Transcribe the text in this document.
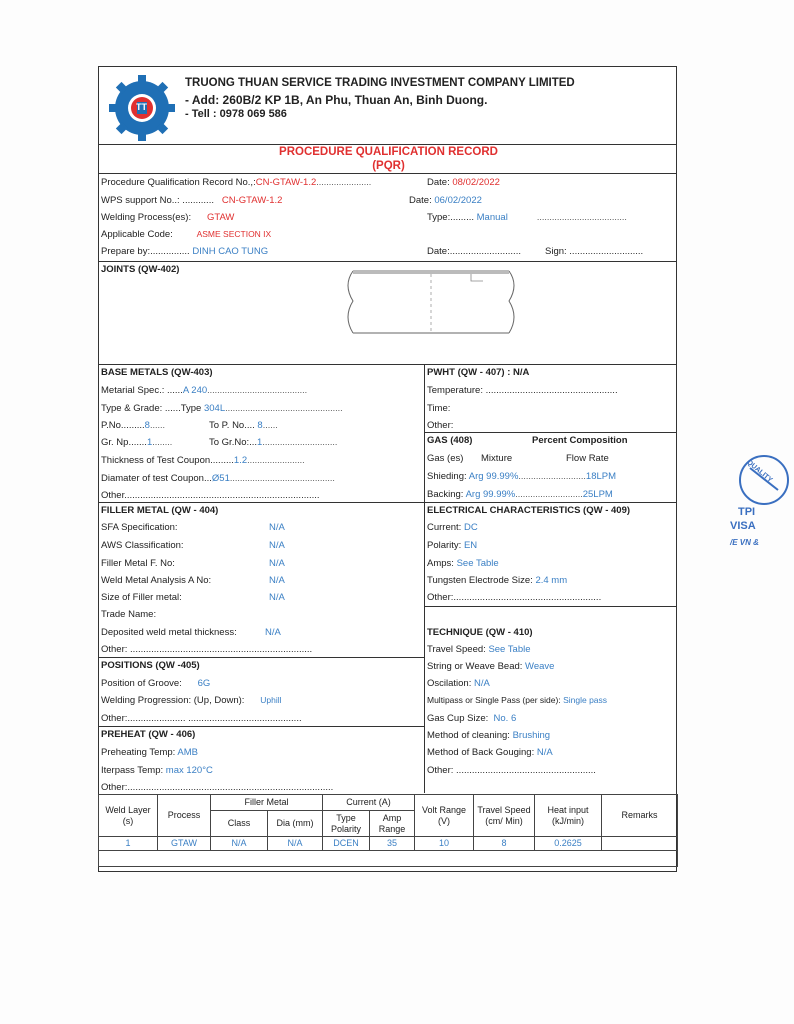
TT
TRUONG THUAN SERVICE TRADING INVESTMENT COMPANY LIMITED
- Add: 260B/2 KP 1B, An Phu, Thuan An, Binh Duong.
- Tell : 0978 069 586
PROCEDURE QUALIFICATION RECORD
(PQR)
Procedure Qualification Record No.,:CN-GTAW-1.2......................	Date: 08/02/2022
WPS support No..: ............ CN-GTAW-1.2	Date: 06/02/2022
Welding Process(es): GTAW	Type:......... Manual	....................................
Applicable Code:	ASME SECTION IX
Prepare by:............... DINH CAO TUNG	Date:...........................	Sign: ............................
JOINTS (QW-402)
BASE METALS (QW-403)
Metarial Spec.: ......A 240........................................
Type & Grade: ......Type 304L...............................................
P.No.........8......	To P. No.... 8......
Gr. Np.......1........	To Gr.No:...1..............................
Thickness of Test Coupon.........1.2.......................
Diamater of test Coupon...Ø51..........................................
Other..........................................................................
PWHT (QW - 407) : N/A
Temperature: ..................................................
Time:
Other:
GAS (408)	Percent Composition
Gas (es) Mixture	Flow Rate
Shieding: Arg 99.99%...........................18LPM
Backing: Arg 99.99%...........................25LPM
FILLER METAL (QW - 404)
SFA Specification:	N/A
AWS Classification:	N/A
Filler Metal F. No:	N/A
Weld Metal Analysis A No:	N/A
Size of Filler metal:	N/A
Trade Name:
Deposited weld metal thickness:	N/A
Other: .....................................................................
ELECTRICAL CHARACTERISTICS (QW - 409)
Current: DC
Polarity: EN
Amps: See Table
Tungsten Electrode Size: 2.4 mm
Other:........................................................
TECHNIQUE (QW - 410)
Travel Speed: See Table
String or Weave Bead: Weave
Oscilation: N/A
Multipass or Single Pass (per side): Single pass
Gas Cup Size: No. 6
Method of cleaning: Brushing
Method of Back Gouging: N/A
Other: .....................................................
POSITIONS (QW -405)
Position of Groove: 6G
Welding Progression: (Up, Down): Uphill
Other:...................... ...........................................
PREHEAT (QW - 406)
Preheating Temp: AMB
Iterpass Temp: max 120°C
Other:..............................................................................
Weld Layer (s)	Process	Filler Metal		Current (A)		Volt Range (V)	Travel Speed (cm/ Min)	Heat input (kJ/min)	Remarks
		Class	Dia (mm)	Type Polarity	Amp Range				
1	GTAW	N/A	N/A	DCEN	35	10	8	0.2625	

QUALITY
TPI
VISA
/E VN &
